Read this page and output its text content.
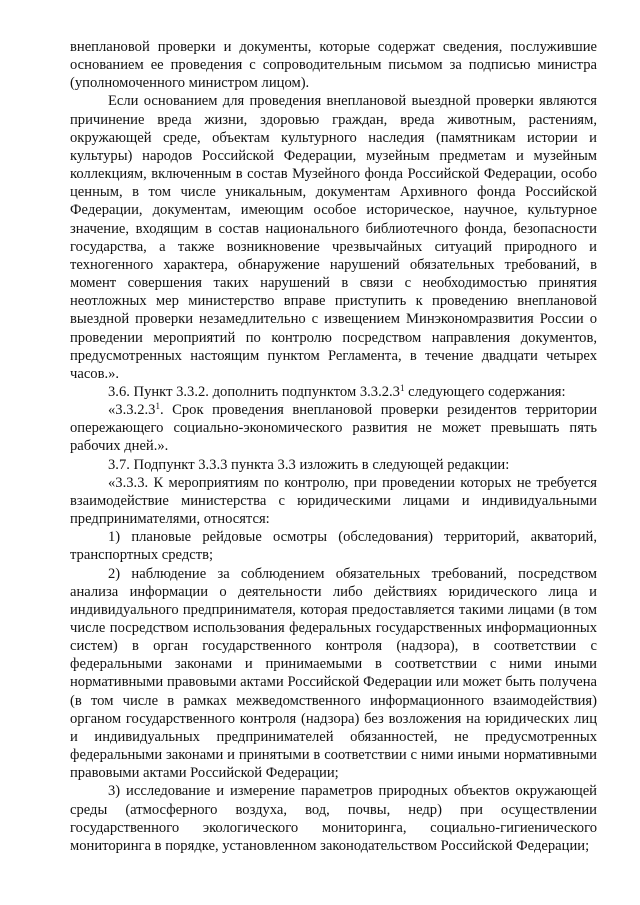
внеплановой проверки и документы, которые содержат сведения, послужившие основанием ее проведения с сопроводительным письмом за подписью министра (уполномоченного министром лицом).

Если основанием для проведения внеплановой выездной проверки являются причинение вреда жизни, здоровью граждан, вреда животным, растениям, окружающей среде, объектам культурного наследия (памятникам истории и культуры) народов Российской Федерации, музейным предметам и музейным коллекциям, включенным в состав Музейного фонда Российской Федерации, особо ценным, в том числе уникальным, документам Архивного фонда Российской Федерации, документам, имеющим особое историческое, научное, культурное значение, входящим в состав национального библиотечного фонда, безопасности государства, а также возникновение чрезвычайных ситуаций природного и техногенного характера, обнаружение нарушений обязательных требований, в момент совершения таких нарушений в связи с необходимостью принятия неотложных мер министерство вправе приступить к проведению внеплановой выездной проверки незамедлительно с извещением Минэкономразвития России о проведении мероприятий по контролю посредством направления документов, предусмотренных настоящим пунктом Регламента, в течение двадцати четырех часов.».

3.6. Пункт 3.3.2. дополнить подпунктом 3.3.2.3$^1$ следующего содержания:

«3.3.2.3$^1$. Срок проведения внеплановой проверки резидентов территории опережающего социально-экономического развития не может превышать пять рабочих дней.».

3.7. Подпункт 3.3.3 пункта 3.3 изложить в следующей редакции:

«3.3.3. К мероприятиям по контролю, при проведении которых не требуется взаимодействие министерства с юридическими лицами и индивидуальными предпринимателями, относятся:

1) плановые рейдовые осмотры (обследования) территорий, акваторий, транспортных средств;

2) наблюдение за соблюдением обязательных требований, посредством анализа информации о деятельности либо действиях юридического лица и индивидуального предпринимателя, которая предоставляется такими лицами (в том числе посредством использования федеральных государственных информационных систем) в орган государственного контроля (надзора), в соответствии с федеральными законами и принимаемыми в соответствии с ними иными нормативными правовыми актами Российской Федерации или может быть получена (в том числе в рамках межведомственного информационного взаимодействия) органом государственного контроля (надзора) без возложения на юридических лиц и индивидуальных предпринимателей обязанностей, не предусмотренных федеральными законами и принятыми в соответствии с ними иными нормативными правовыми актами Российской Федерации;

3) исследование и измерение параметров природных объектов окружающей среды (атмосферного воздуха, вод, почвы, недр) при осуществлении государственного экологического мониторинга, социально-гигиенического мониторинга в порядке, установленном законодательством Российской Федерации;
